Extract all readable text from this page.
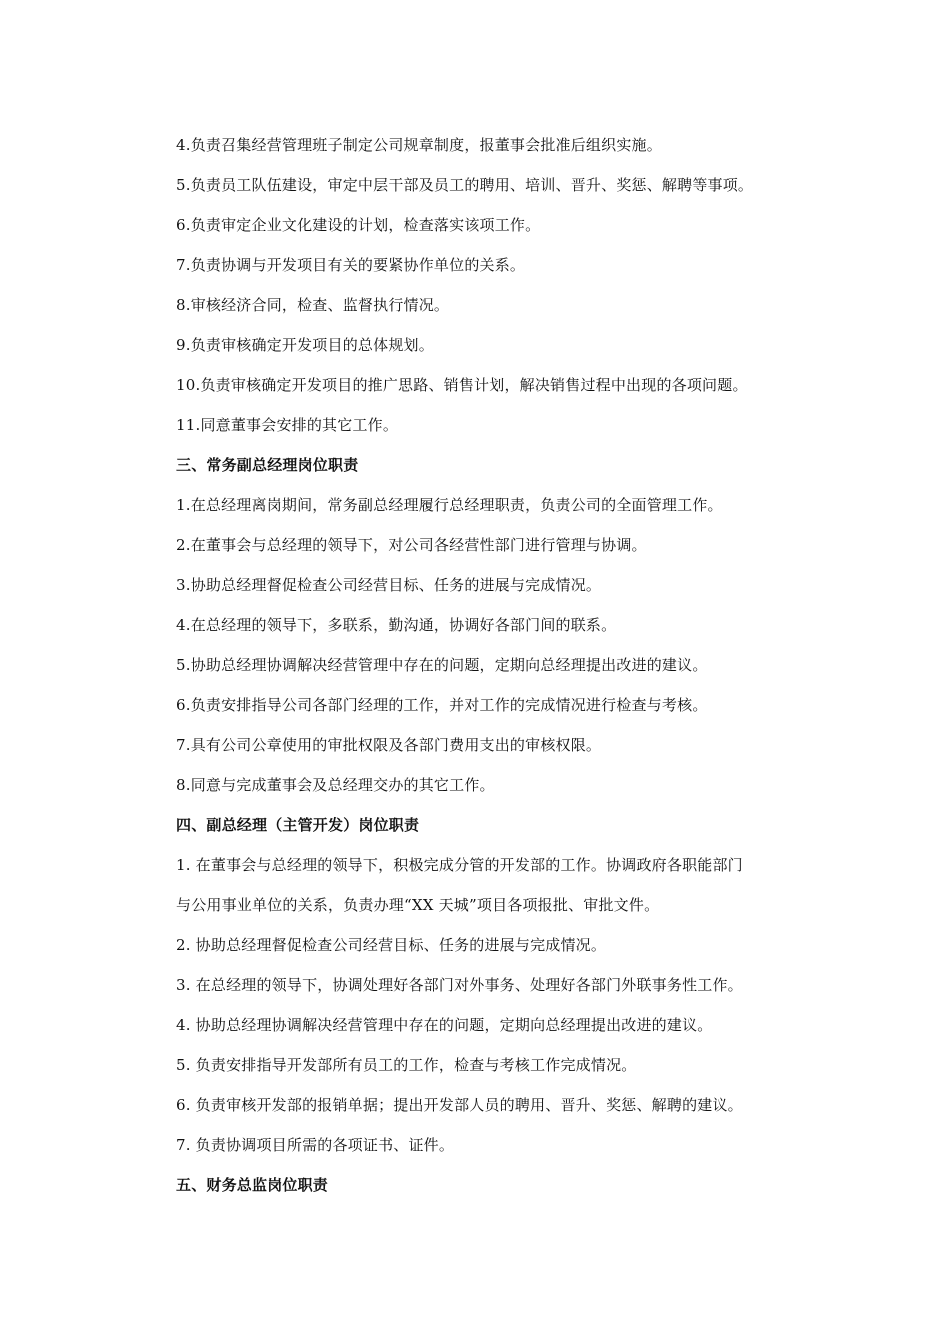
4.负责召集经营管理班子制定公司规章制度，报董事会批准后组织实施。
5.负责员工队伍建设，审定中层干部及员工的聘用、培训、晋升、奖惩、解聘等事项。
6.负责审定企业文化建设的计划，检查落实该项工作。
7.负责协调与开发项目有关的要紧协作单位的关系。
8.审核经济合同，检查、监督执行情况。
9.负责审核确定开发项目的总体规划。
10.负责审核确定开发项目的推广思路、销售计划，解决销售过程中出现的各项问题。
11.同意董事会安排的其它工作。
三、常务副总经理岗位职责
1.在总经理离岗期间，常务副总经理履行总经理职责，负责公司的全面管理工作。
2.在董事会与总经理的领导下，对公司各经营性部门进行管理与协调。
3.协助总经理督促检查公司经营目标、任务的进展与完成情况。
4.在总经理的领导下，多联系，勤沟通，协调好各部门间的联系。
5.协助总经理协调解决经营管理中存在的问题，定期向总经理提出改进的建议。
6.负责安排指导公司各部门经理的工作，并对工作的完成情况进行检查与考核。
7.具有公司公章使用的审批权限及各部门费用支出的审核权限。
8.同意与完成董事会及总经理交办的其它工作。
四、副总经理（主管开发）岗位职责
1. 在董事会与总经理的领导下，积极完成分管的开发部的工作。协调政府各职能部门
与公用事业单位的关系，负责办理“XX 天城”项目各项报批、审批文件。
2. 协助总经理督促检查公司经营目标、任务的进展与完成情况。
3. 在总经理的领导下，协调处理好各部门对外事务、处理好各部门外联事务性工作。
4. 协助总经理协调解决经营管理中存在的问题，定期向总经理提出改进的建议。
5. 负责安排指导开发部所有员工的工作，检查与考核工作完成情况。
6. 负责审核开发部的报销单据；提出开发部人员的聘用、晋升、奖惩、解聘的建议。
7. 负责协调项目所需的各项证书、证件。
五、财务总监岗位职责
